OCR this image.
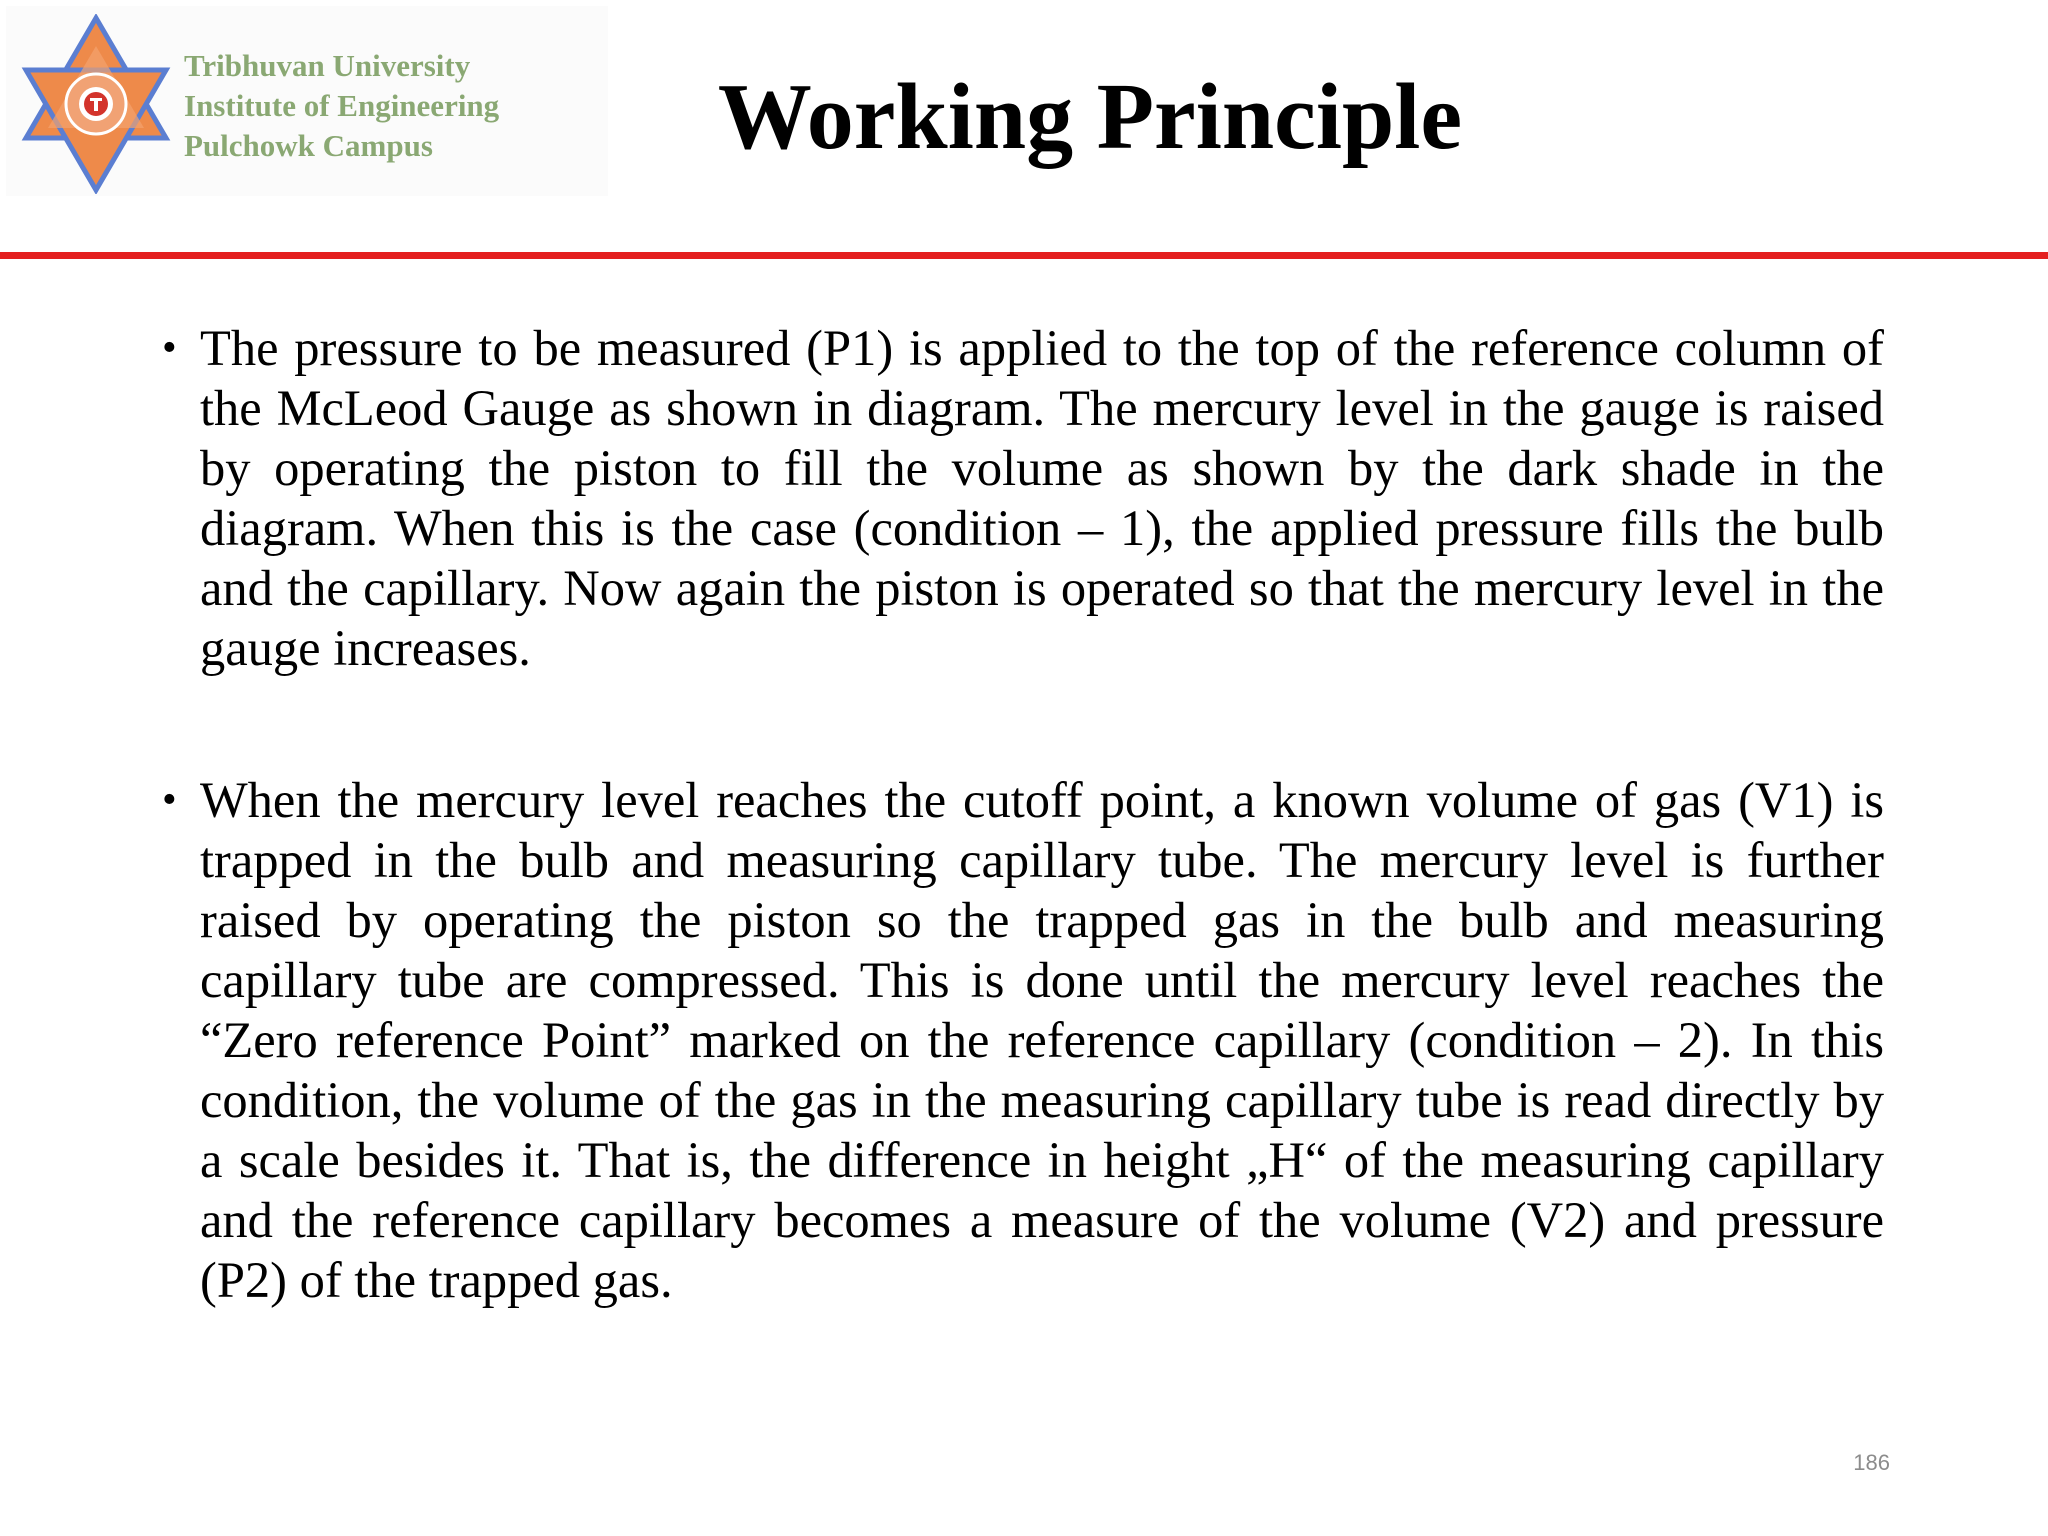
Tribhuvan University
Institute of Engineering
Pulchowk Campus	Working Principle
• The pressure to be measured (P1) is applied to the top of the reference column of the McLeod Gauge as shown in diagram. The mercury level in the gauge is raised by operating the piston to fill the volume as shown by the dark shade in the diagram. When this is the case (condition – 1), the applied pressure fills the bulb and the capillary. Now again the piston is operated so that the mercury level in the gauge increases.
• When the mercury level reaches the cutoff point, a known volume of gas (V1) is trapped in the bulb and measuring capillary tube. The mercury level is further raised by operating the piston so the trapped gas in the bulb and measuring capillary tube are compressed. This is done until the mercury level reaches the “Zero reference Point” marked on the reference capillary (condition – 2). In this condition, the volume of the gas in the measuring capillary tube is read directly by a scale besides it. That is, the difference in height „H“ of the measuring capillary and the reference capillary becomes a measure of the volume (V2) and pressure (P2) of the trapped gas.
186
